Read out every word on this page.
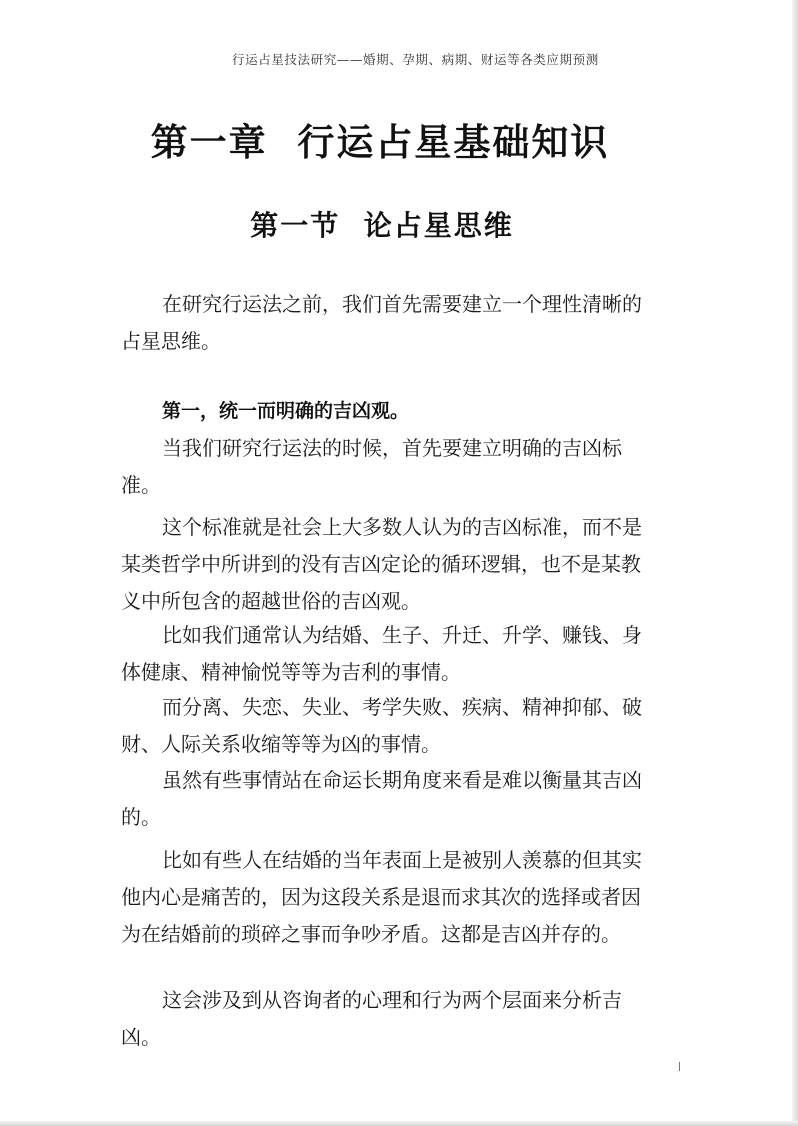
行运占星技法研究——婚期、孕期、病期、财运等各类应期预测
第一章  行运占星基础知识
第一节  论占星思维

在研究行运法之前，我们首先需要建立一个理性清晰的占星思维。

第一，统一而明确的吉凶观。

当我们研究行运法的时候，首先要建立明确的吉凶标准。

这个标准就是社会上大多数人认为的吉凶标准，而不是某类哲学中所讲到的没有吉凶定论的循环逻辑，也不是某教义中所包含的超越世俗的吉凶观。

比如我们通常认为结婚、生子、升迁、升学、赚钱、身体健康、精神愉悦等等为吉利的事情。

而分离、失恋、失业、考学失败、疾病、精神抑郁、破财、人际关系收缩等等为凶的事情。

虽然有些事情站在命运长期角度来看是难以衡量其吉凶的。

比如有些人在结婚的当年表面上是被别人羡慕的但其实他内心是痛苦的，因为这段关系是退而求其次的选择或者因为在结婚前的琐碎之事而争吵矛盾。这都是吉凶并存的。

这会涉及到从咨询者的心理和行为两个层面来分析吉凶。
